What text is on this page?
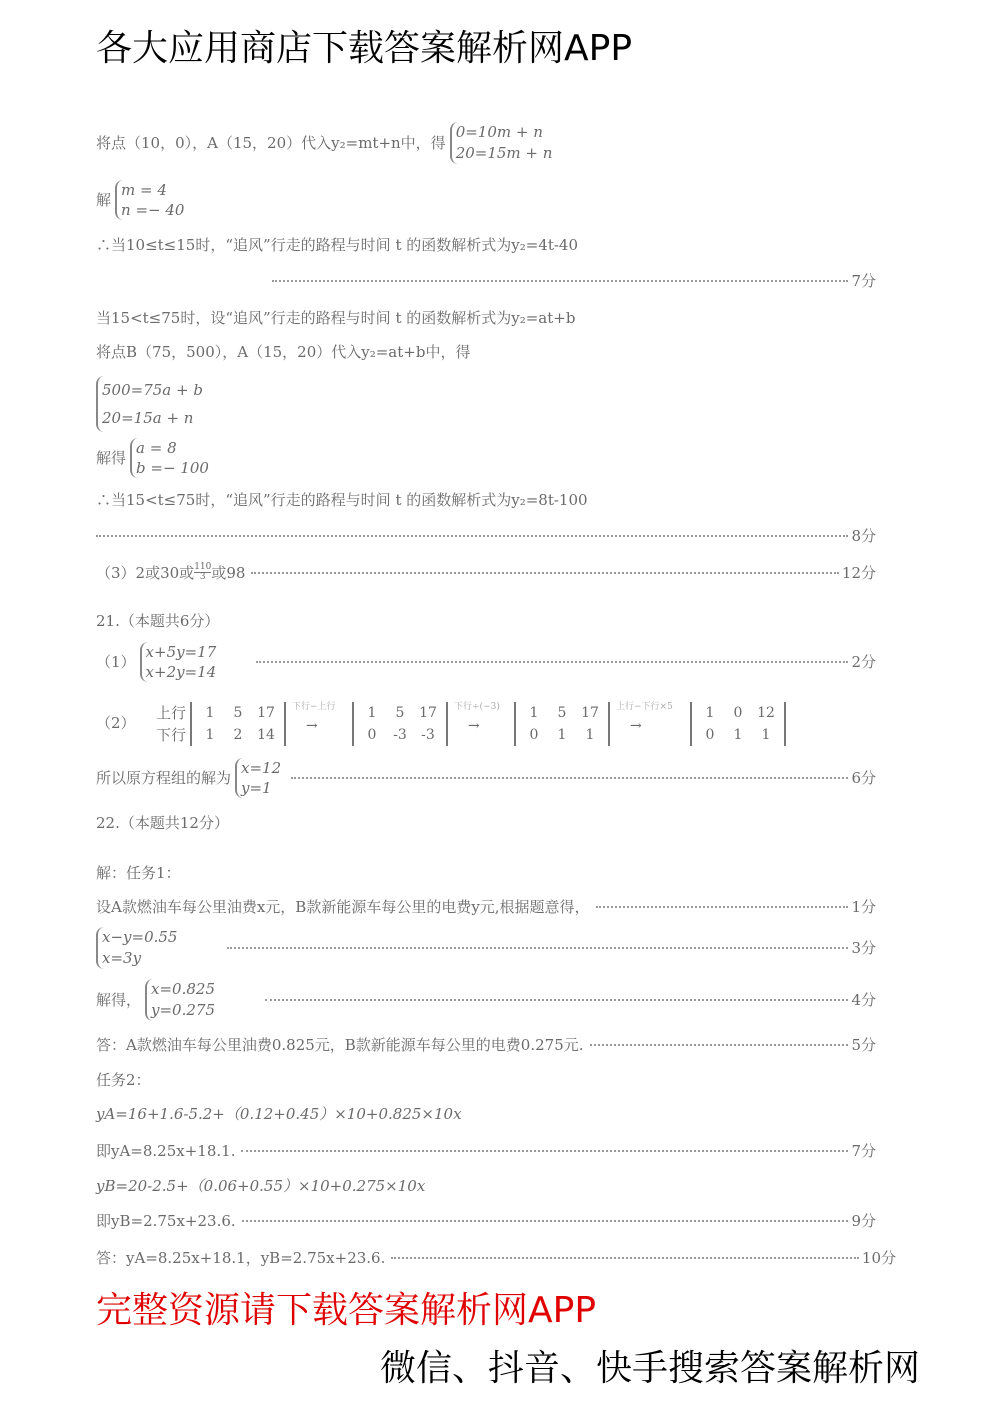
将点（10，0），A（15，20）代入y₂=mt+n中，得
0=10m + n
20=15m + n
解
m = 4
n =− 40
∴当10≤t≤15时，“追风”行走的路程与时间 t 的函数解析式为y₂=4t-40
7分
当15<t≤75时，设“追风”行走的路程与时间 t 的函数解析式为y₂=at+b
将点B（75，500），A（15，20）代入y₂=at+b中，得
500=75a + b
20=15a + n
解得
a = 8
b =− 100
∴当15<t≤75时，“追风”行走的路程与时间 t 的函数解析式为y₂=8t-100
8分
（3）2或30或 $\frac{110}{3}$ 或98	12分
21.（本题共6分）
（1）
x+5y=17
x+2y=14
2分
（2）
上行
下行
1	5	17
1	2	14
下行−上行
→
1	5	17
0	-3	-3
下行÷(−3)
→
1	5	17
0	1	1
上行−下行×5
→
1	0	12
0	1	1
所以原方程组的解为
x=12
y=1
6分
22.（本题共12分）
解：任务1：
设A款燃油车每公里油费x元，B款新能源车每公里的电费y元,根据题意得，	1分
x−y=0.55
x=3y
3分
解得，
x=0.825
y=0.275
4分
答：A款燃油车每公里油费0.825元，B款新能源车每公里的电费0.275元.	5分
任务2：
yA=16+1.6-5.2+（0.12+0.45）×10+0.825×10x
即yA=8.25x+18.1.	7分
yB=20-2.5+（0.06+0.55）×10+0.275×10x
即yB=2.75x+23.6.	9分
答：yA=8.25x+18.1，yB=2.75x+23.6.	10分
各大应用商店下载答案解析网APP
完整资源请下载答案解析网APP
微信、抖音、快手搜索答案解析网
